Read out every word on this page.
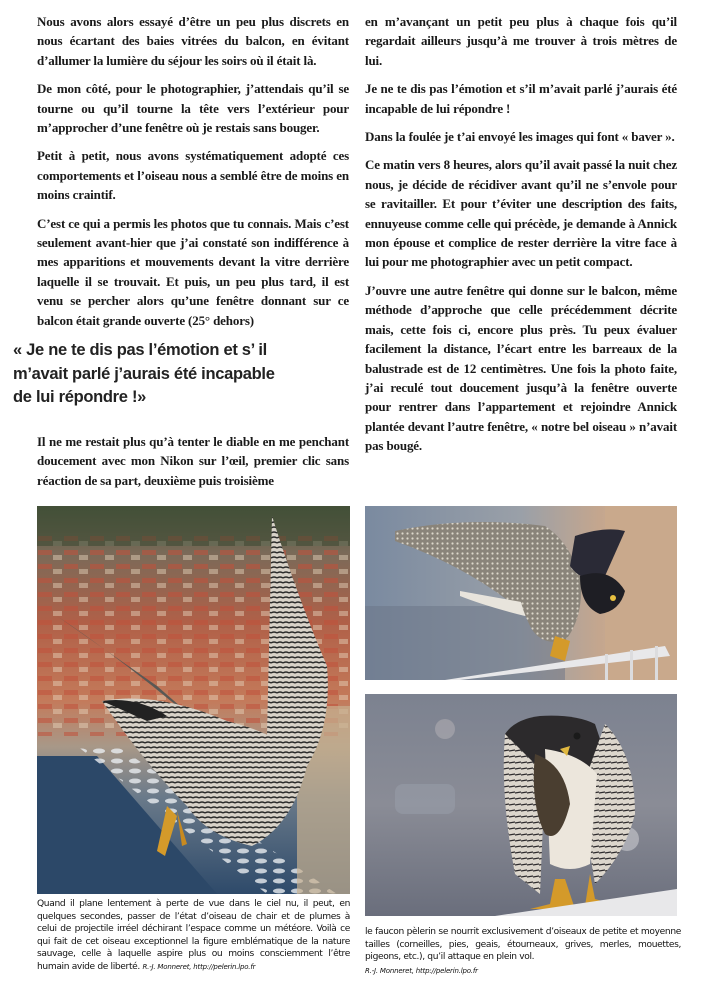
Nous avons alors essayé d’être un peu plus discrets en nous écartant des baies vitrées du balcon, en évitant d’allumer la lumière du séjour les soirs où il était là.

De mon côté, pour le photographier, j’attendais qu’il se tourne ou qu’il tourne la tête vers l’extérieur pour m’approcher d’une fenêtre où je restais sans bouger.

Petit à petit, nous avons systématiquement adopté ces comportements et l’oiseau nous a semblé être de moins en moins craintif.

C’est ce qui a permis les photos que tu connais. Mais c’est seulement avant-hier que j’ai constaté son indifférence à mes apparitions et mouvements devant la vitre derrière laquelle il se trouvait. Et puis, un peu plus tard, il est venu se percher alors qu’une fenêtre donnant sur ce balcon était grande ouverte (25° dehors)

« Je ne te dis pas l’émotion et s’ il m’avait parlé j’aurais été incapable de lui répondre !»

Il ne me restait plus qu’à tenter le diable en me penchant doucement avec mon Nikon sur l’œil, premier clic sans réaction de sa part, deuxième puis troisième

en m’avançant un petit peu plus à chaque fois qu’il regardait ailleurs jusqu’à me trouver à trois mètres de lui.

Je ne te dis pas l’émotion et s’il m’avait parlé j’aurais été incapable de lui répondre !

Dans la foulée je t’ai envoyé les images qui font « baver ».

Ce matin vers 8 heures, alors qu’il avait passé la nuit chez nous, je décide de récidiver avant qu’il ne s’envole pour se ravitailler. Et pour t’éviter une description des faits, ennuyeuse comme celle qui précède, je demande à Annick mon épouse et complice de rester derrière la vitre face à lui pour me photographier avec un petit compact.

J’ouvre une autre fenêtre qui donne sur le balcon, même méthode d’approche que celle précédemment décrite mais, cette fois ci, encore plus près. Tu peux évaluer facilement la distance, l’écart entre les barreaux de la balustrade est de 12 centimètres. Une fois la photo faite, j’ai reculé tout doucement jusqu’à la fenêtre ouverte pour rentrer dans l’appartement et rejoindre Annick plantée devant l’autre fenêtre, « notre bel oiseau » n’avait pas bougé.

Quand il plane lentement à perte de vue dans le ciel nu, il peut, en quelques secondes, passer de l’état d’oiseau de chair et de plumes à celui de projectile irréel déchirant l’espace comme un météore. Voilà ce qui fait de cet oiseau exceptionnel la figure emblématique de la nature sauvage, celle à laquelle aspire plus ou moins consciemment l’être humain avide de liberté. R.-J. Monneret, http://pelerin.lpo.fr

le faucon pèlerin se nourrit exclusivement d’oiseaux de petite et moyenne tailles (corneilles, pies, geais, étourneaux, grives, merles, mouettes, pigeons, etc.), qu’il attaque en plein vol.
R.-J. Monneret, http://pelerin.lpo.fr
